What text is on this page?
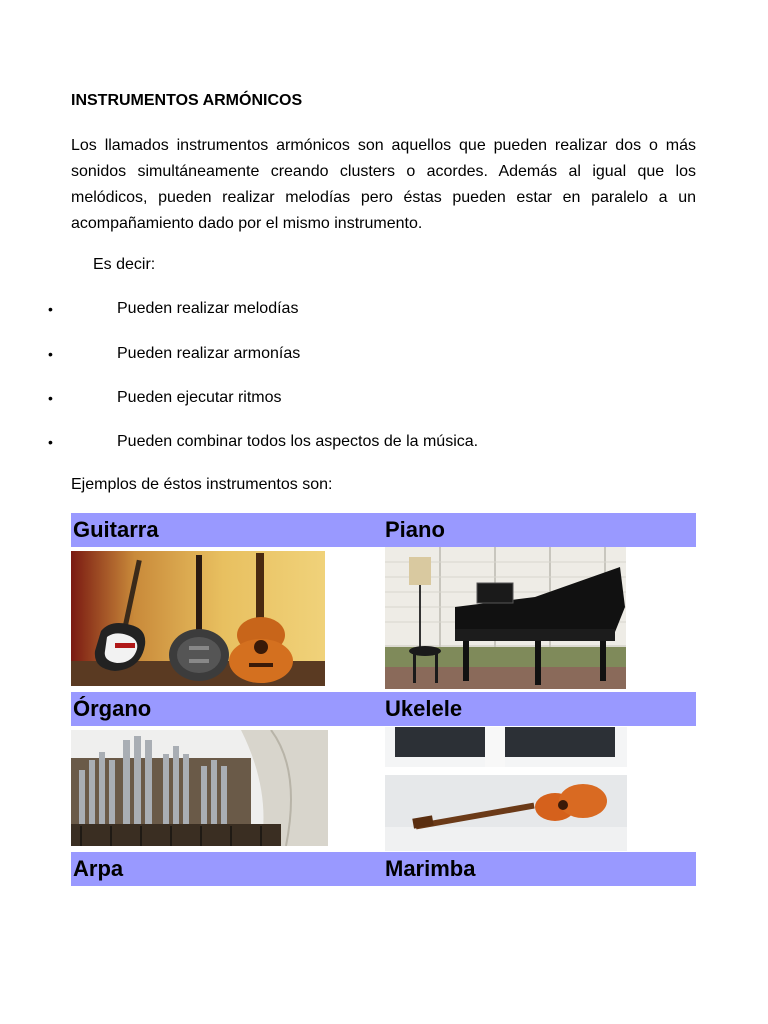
INSTRUMENTOS ARMÓNICOS
Los llamados instrumentos armónicos son aquellos que pueden realizar dos o más sonidos simultáneamente creando clusters o acordes. Además al igual que los melódicos, pueden realizar melodías pero éstas pueden estar en paralelo a un acompañamiento dado por el mismo instrumento.
Es decir:
•	Pueden realizar melodías
•	Pueden realizar armonías
•	Pueden ejecutar ritmos
•	Pueden combinar todos los aspectos de la música.
Ejemplos de éstos instrumentos son:
Guitarra	Piano
Órgano	Ukelele
Arpa	Marimba
